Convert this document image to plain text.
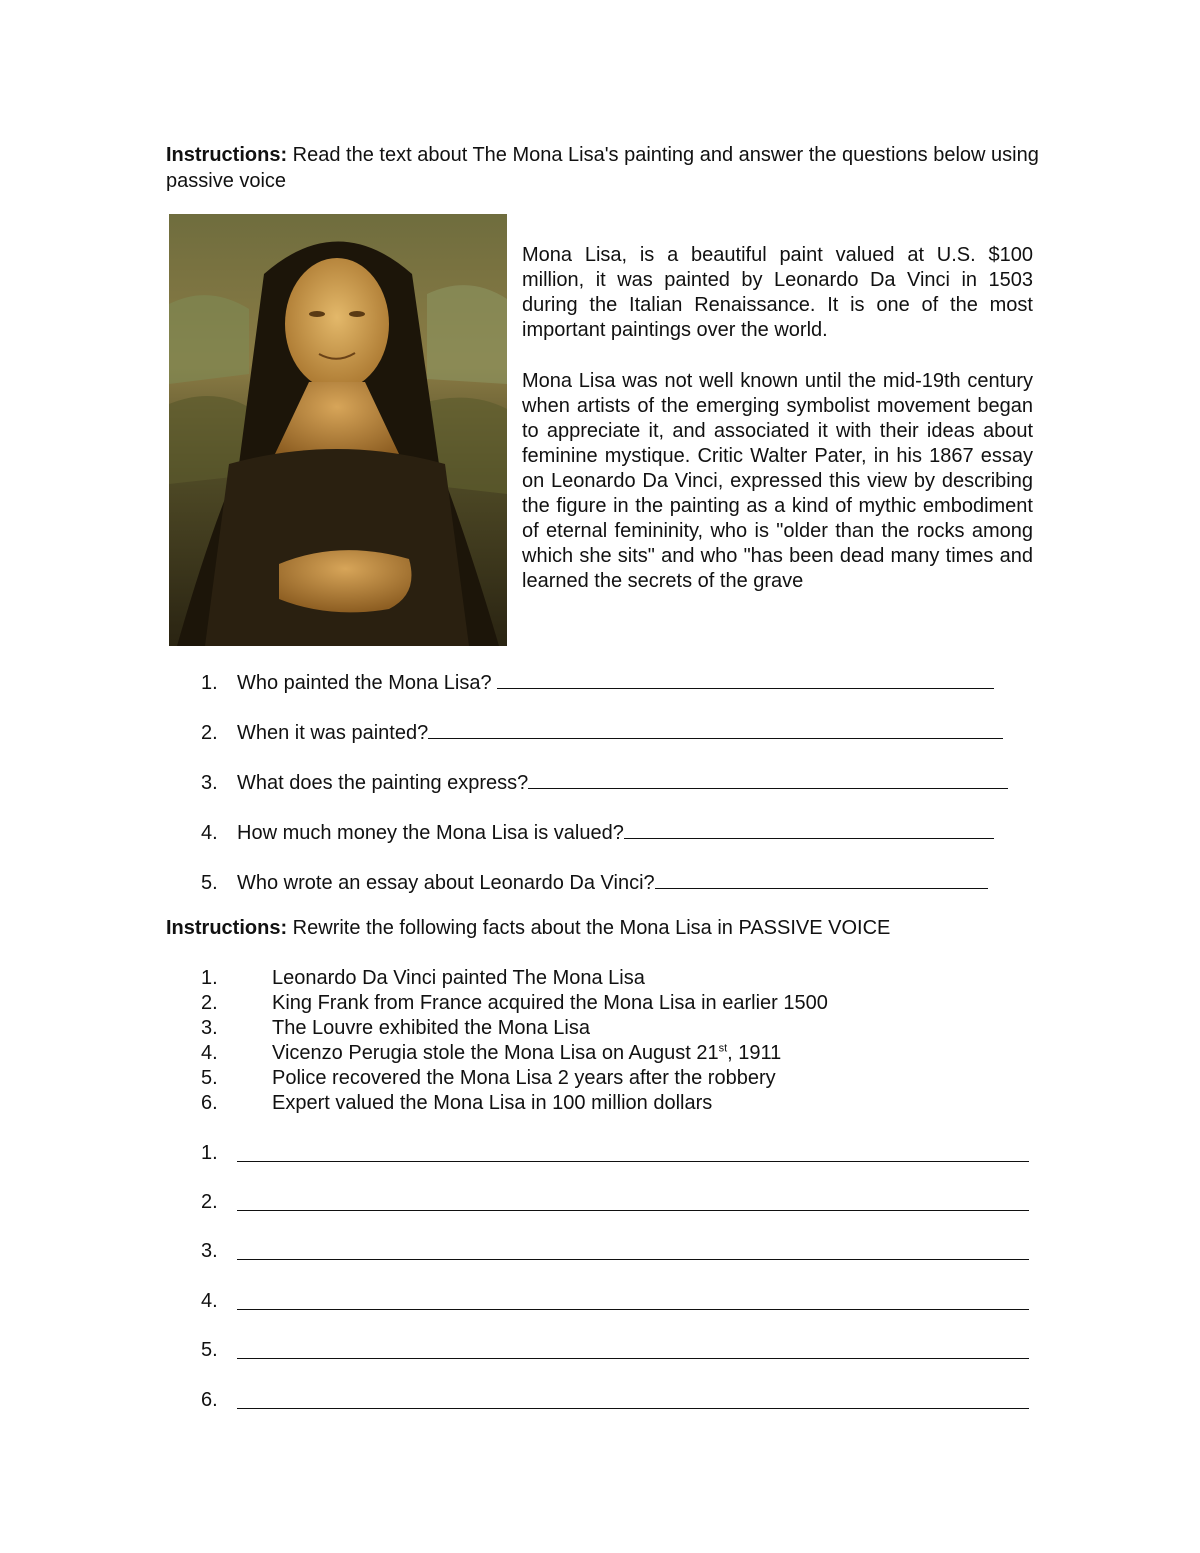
Instructions: Read the text about The Mona Lisa's painting and answer the questions below using passive voice

Mona Lisa, is a beautiful paint valued at U.S. $100 million, it was painted by Leonardo Da Vinci in 1503 during the Italian Renaissance. It is one of the most important paintings over the world.

Mona Lisa was not well known until the mid-19th century when artists of the emerging symbolist movement began to appreciate it, and associated it with their ideas about feminine mystique. Critic Walter Pater, in his 1867 essay on Leonardo Da Vinci, expressed this view by describing the figure in the painting as a kind of mythic embodiment of eternal femininity, who is "older than the rocks among which she sits" and who "has been dead many times and learned the secrets of the grave

1. Who painted the Mona Lisa?
2. When it was painted?
3. What does the painting express?
4. How much money the Mona Lisa is valued?
5. Who wrote an essay about Leonardo Da Vinci?
Instructions: Rewrite the following facts about the Mona Lisa in PASSIVE VOICE
1.	Leonardo Da Vinci painted The Mona Lisa
2.	King Frank from France acquired the Mona Lisa in earlier 1500
3.	The Louvre exhibited the Mona Lisa
4.	Vicenzo Perugia stole the Mona Lisa on August 21st, 1911
5.	Police recovered the Mona Lisa 2 years after the robbery
6.	Expert valued the Mona Lisa in 100 million dollars
1.
2.
3.
4.
5.
6.
